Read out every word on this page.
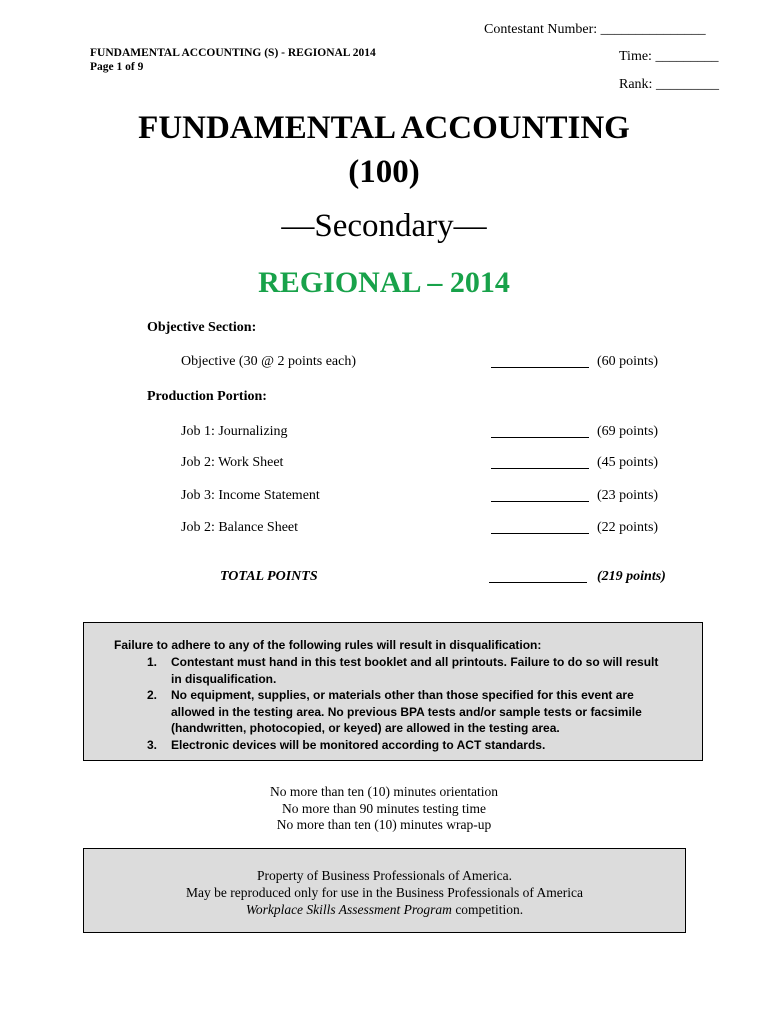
Contestant Number: _______________
FUNDAMENTAL ACCOUNTING (S) - REGIONAL 2014
Page 1 of 9
Time: _________
Rank: _________
FUNDAMENTAL ACCOUNTING
(100)
—Secondary—
REGIONAL – 2014
Objective Section:
Objective (30 @ 2 points each)	(60 points)
Production Portion:
Job 1: Journalizing	(69 points)
Job 2: Work Sheet	(45 points)
Job 3: Income Statement	(23 points)
Job 2: Balance Sheet	(22 points)
TOTAL POINTS	(219 points)
Failure to adhere to any of the following rules will result in disqualification:
1. Contestant must hand in this test booklet and all printouts. Failure to do so will result in disqualification.
2. No equipment, supplies, or materials other than those specified for this event are allowed in the testing area. No previous BPA tests and/or sample tests or facsimile (handwritten, photocopied, or keyed) are allowed in the testing area.
3. Electronic devices will be monitored according to ACT standards.
No more than ten (10) minutes orientation
No more than 90 minutes testing time
No more than ten (10) minutes wrap-up
Property of Business Professionals of America.
May be reproduced only for use in the Business Professionals of America
Workplace Skills Assessment Program competition.
